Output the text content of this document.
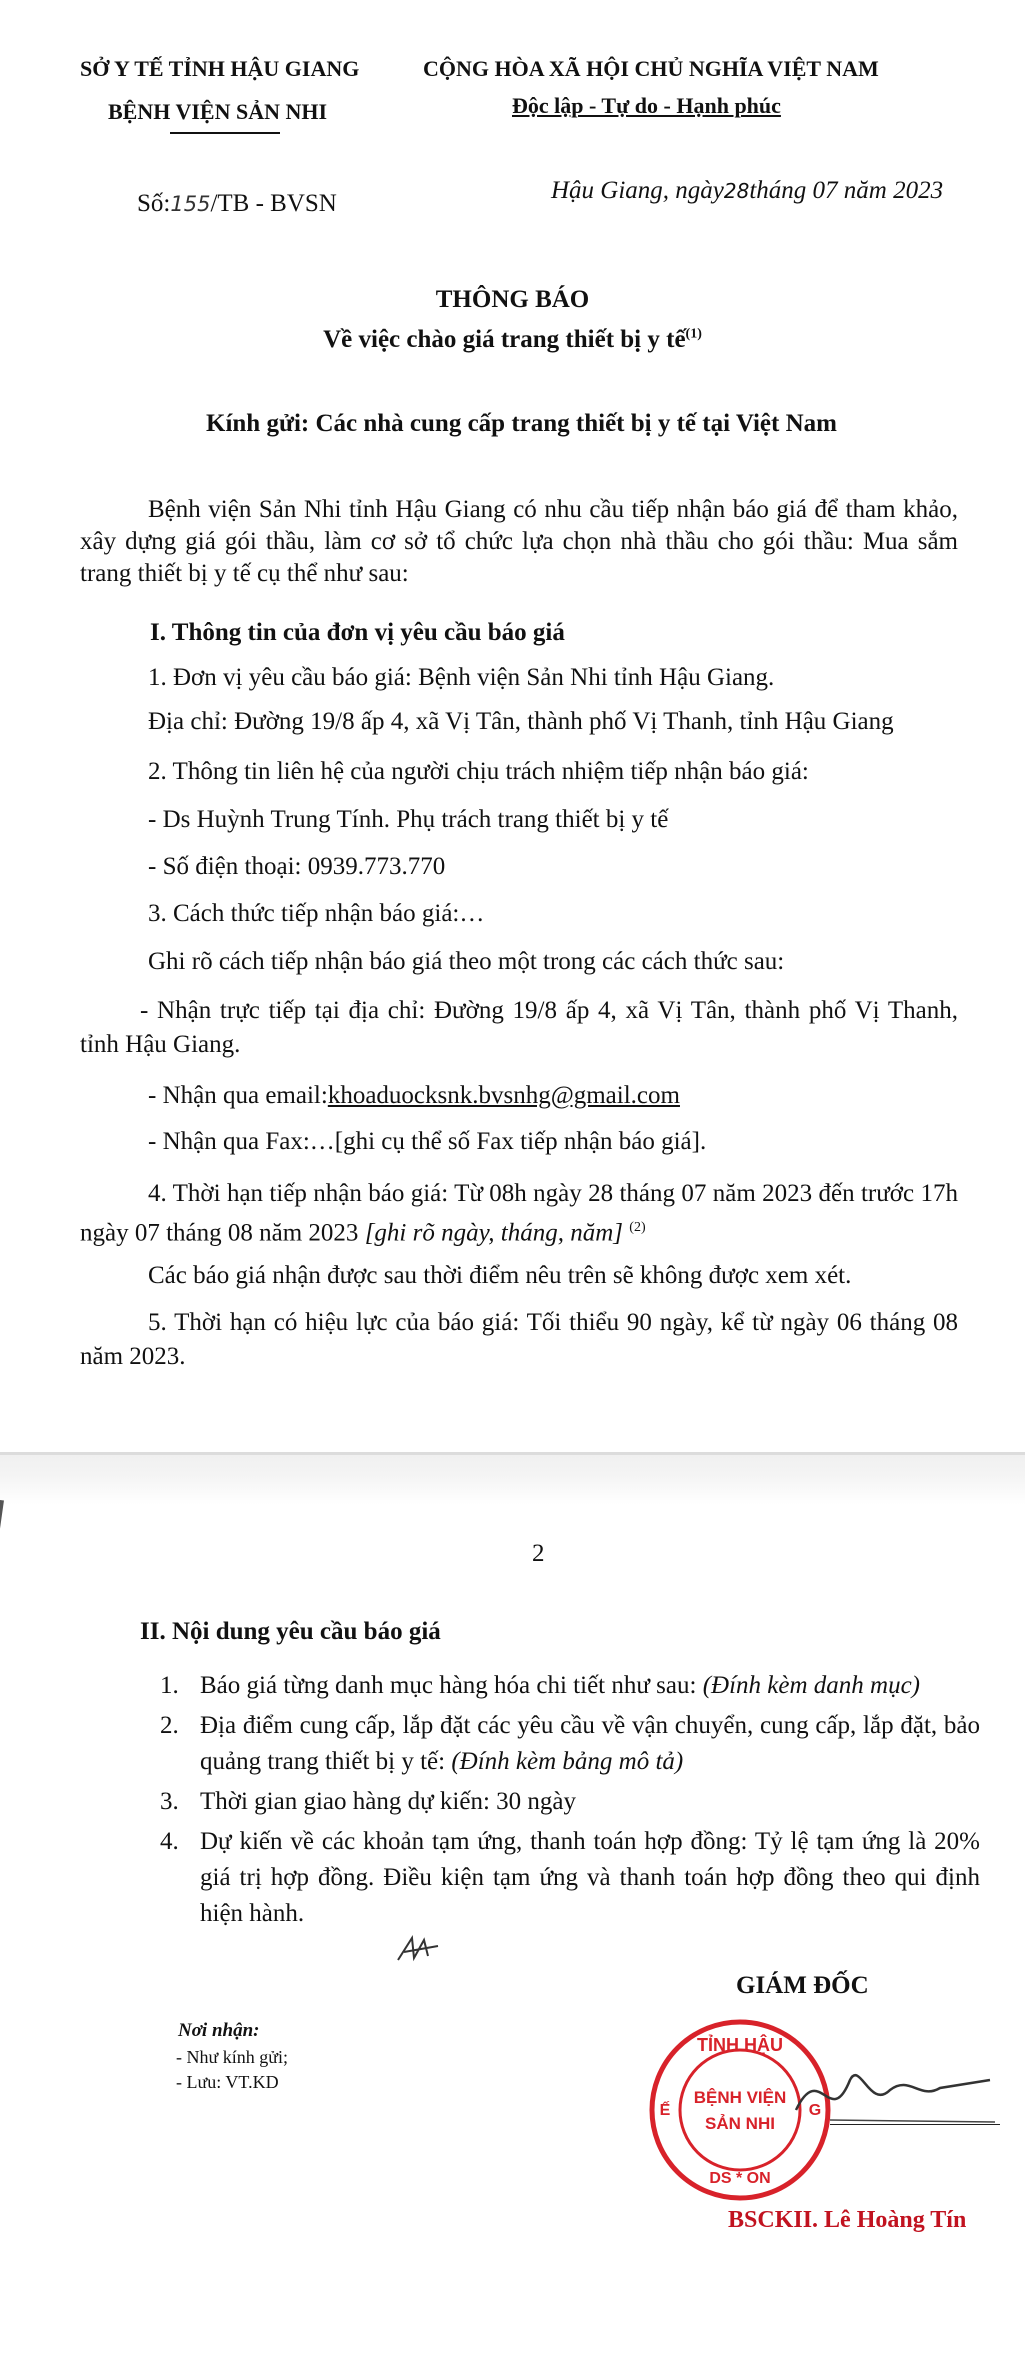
SỞ Y TẾ TỈNH HẬU GIANG
BỆNH VIỆN SẢN NHI
CỘNG HÒA XÃ HỘI CHỦ NGHĨA VIỆT NAM
Độc lập - Tự do - Hạnh phúc
Số:155/TB - BVSN	Hậu Giang, ngày28tháng 07 năm 2023
THÔNG BÁO
Về việc chào giá trang thiết bị y tế$^{(1)}$
Kính gửi: Các nhà cung cấp trang thiết bị y tế tại Việt Nam
Bệnh viện Sản Nhi tỉnh Hậu Giang có nhu cầu tiếp nhận báo giá để tham khảo, xây dựng giá gói thầu, làm cơ sở tổ chức lựa chọn nhà thầu cho gói thầu: Mua sắm trang thiết bị y tế cụ thể như sau:
I. Thông tin của đơn vị yêu cầu báo giá
1. Đơn vị yêu cầu báo giá: Bệnh viện Sản Nhi tỉnh Hậu Giang.
Địa chỉ: Đường 19/8 ấp 4, xã Vị Tân, thành phố Vị Thanh, tỉnh Hậu Giang
2. Thông tin liên hệ của người chịu trách nhiệm tiếp nhận báo giá:
- Ds Huỳnh Trung Tính. Phụ trách trang thiết bị y tế
- Số điện thoại: 0939.773.770
3. Cách thức tiếp nhận báo giá:…
Ghi rõ cách tiếp nhận báo giá theo một trong các cách thức sau:
- Nhận trực tiếp tại địa chỉ: Đường 19/8 ấp 4, xã Vị Tân, thành phố Vị Thanh, tỉnh Hậu Giang.
- Nhận qua email:khoaduocksnk.bvsnhg@gmail.com
- Nhận qua Fax:…[ghi cụ thể số Fax tiếp nhận báo giá].
4. Thời hạn tiếp nhận báo giá: Từ 08h ngày 28 tháng 07 năm 2023 đến trước 17h ngày 07 tháng 08 năm 2023 [ghi rõ ngày, tháng, năm] $^{(2)}$
Các báo giá nhận được sau thời điểm nêu trên sẽ không được xem xét.
5. Thời hạn có hiệu lực của báo giá: Tối thiểu 90 ngày, kể từ ngày 06 tháng 08 năm 2023.
2
II. Nội dung yêu cầu báo giá
1. Báo giá từng danh mục hàng hóa chi tiết như sau: (Đính kèm danh mục)
2. Địa điểm cung cấp, lắp đặt các yêu cầu về vận chuyển, cung cấp, lắp đặt, bảo quảng trang thiết bị y tế: (Đính kèm bảng mô tả)
3. Thời gian giao hàng dự kiến: 30 ngày
4. Dự kiến về các khoản tạm ứng, thanh toán hợp đồng: Tỷ lệ tạm ứng là 20% giá trị hợp đồng. Điều kiện tạm ứng và thanh toán hợp đồng theo qui định hiện hành.
GIÁM ĐỐC
Nơi nhận:
- Như kính gửi;
- Lưu: VT.KD
TỈNH HẬU
BỆNH VIỆN
SẢN NHI
Ế	G
DS * ON
BSCKII. Lê Hoàng Tín
